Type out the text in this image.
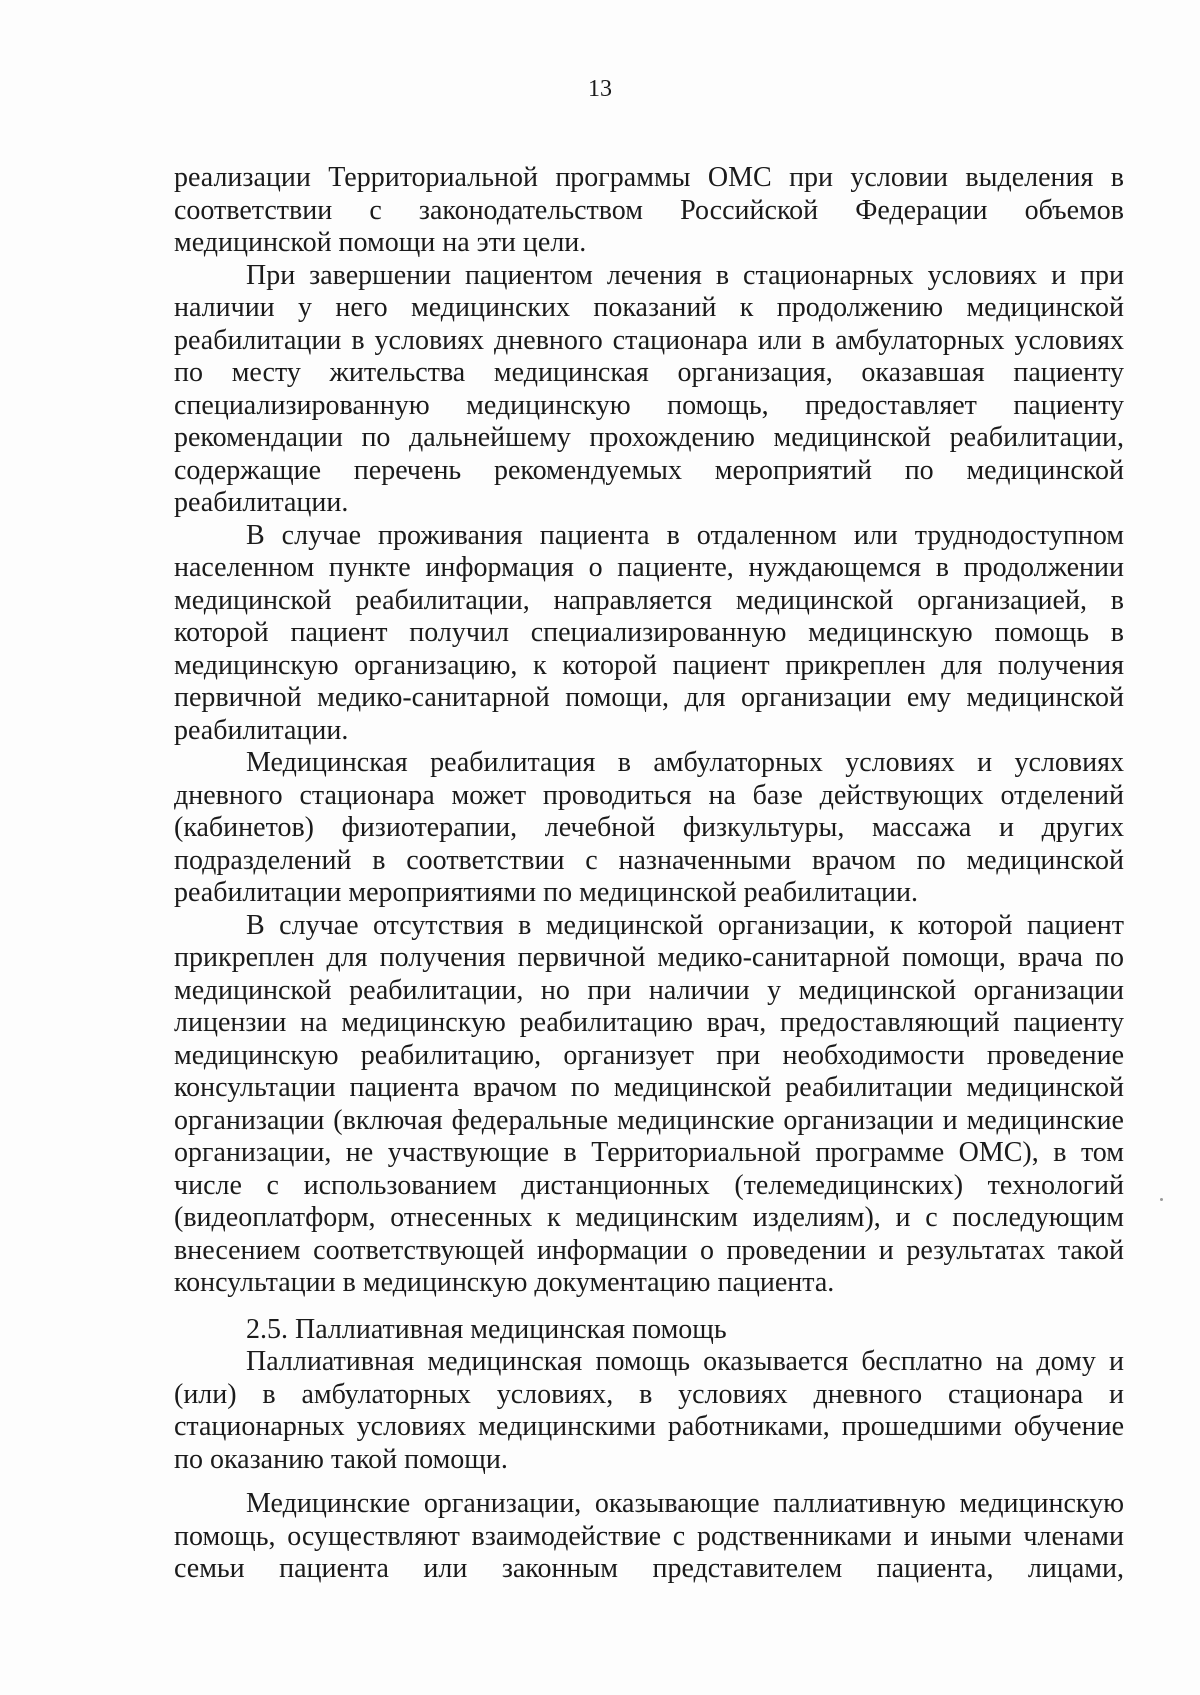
13

реализации Территориальной программы ОМС при условии выделения в соответствии с законодательством Российской Федерации объемов медицинской помощи на эти цели.

При завершении пациентом лечения в стационарных условиях и при наличии у него медицинских показаний к продолжению медицинской реабилитации в условиях дневного стационара или в амбулаторных условиях по месту жительства медицинская организация, оказавшая пациенту специализированную медицинскую помощь, предоставляет пациенту рекомендации по дальнейшему прохождению медицинской реабилитации, содержащие перечень рекомендуемых мероприятий по медицинской реабилитации.

В случае проживания пациента в отдаленном или труднодоступном населенном пункте информация о пациенте, нуждающемся в продолжении медицинской реабилитации, направляется медицинской организацией, в которой пациент получил специализированную медицинскую помощь в медицинскую организацию, к которой пациент прикреплен для получения первичной медико-санитарной помощи, для организации ему медицинской реабилитации.

Медицинская реабилитация в амбулаторных условиях и условиях дневного стационара может проводиться на базе действующих отделений (кабинетов) физиотерапии, лечебной физкультуры, массажа и других подразделений в соответствии с назначенными врачом по медицинской реабилитации мероприятиями по медицинской реабилитации.

В случае отсутствия в медицинской организации, к которой пациент прикреплен для получения первичной медико-санитарной помощи, врача по медицинской реабилитации, но при наличии у медицинской организации лицензии на медицинскую реабилитацию врач, предоставляющий пациенту медицинскую реабилитацию, организует при необходимости проведение консультации пациента врачом по медицинской реабилитации медицинской организации (включая федеральные медицинские организации и медицинские организации, не участвующие в Территориальной программе ОМС), в том числе с использованием дистанционных (телемедицинских) технологий (видеоплатформ, отнесенных к медицинским изделиям), и с последующим внесением соответствующей информации о проведении и результатах такой консультации в медицинскую документацию пациента.

2.5. Паллиативная медицинская помощь

Паллиативная медицинская помощь оказывается бесплатно на дому и (или) в амбулаторных условиях, в условиях дневного стационара и стационарных условиях медицинскими работниками, прошедшими обучение по оказанию такой помощи.

Медицинские организации, оказывающие паллиативную медицинскую помощь, осуществляют взаимодействие с родственниками и иными членами семьи пациента или законным представителем пациента, лицами,
